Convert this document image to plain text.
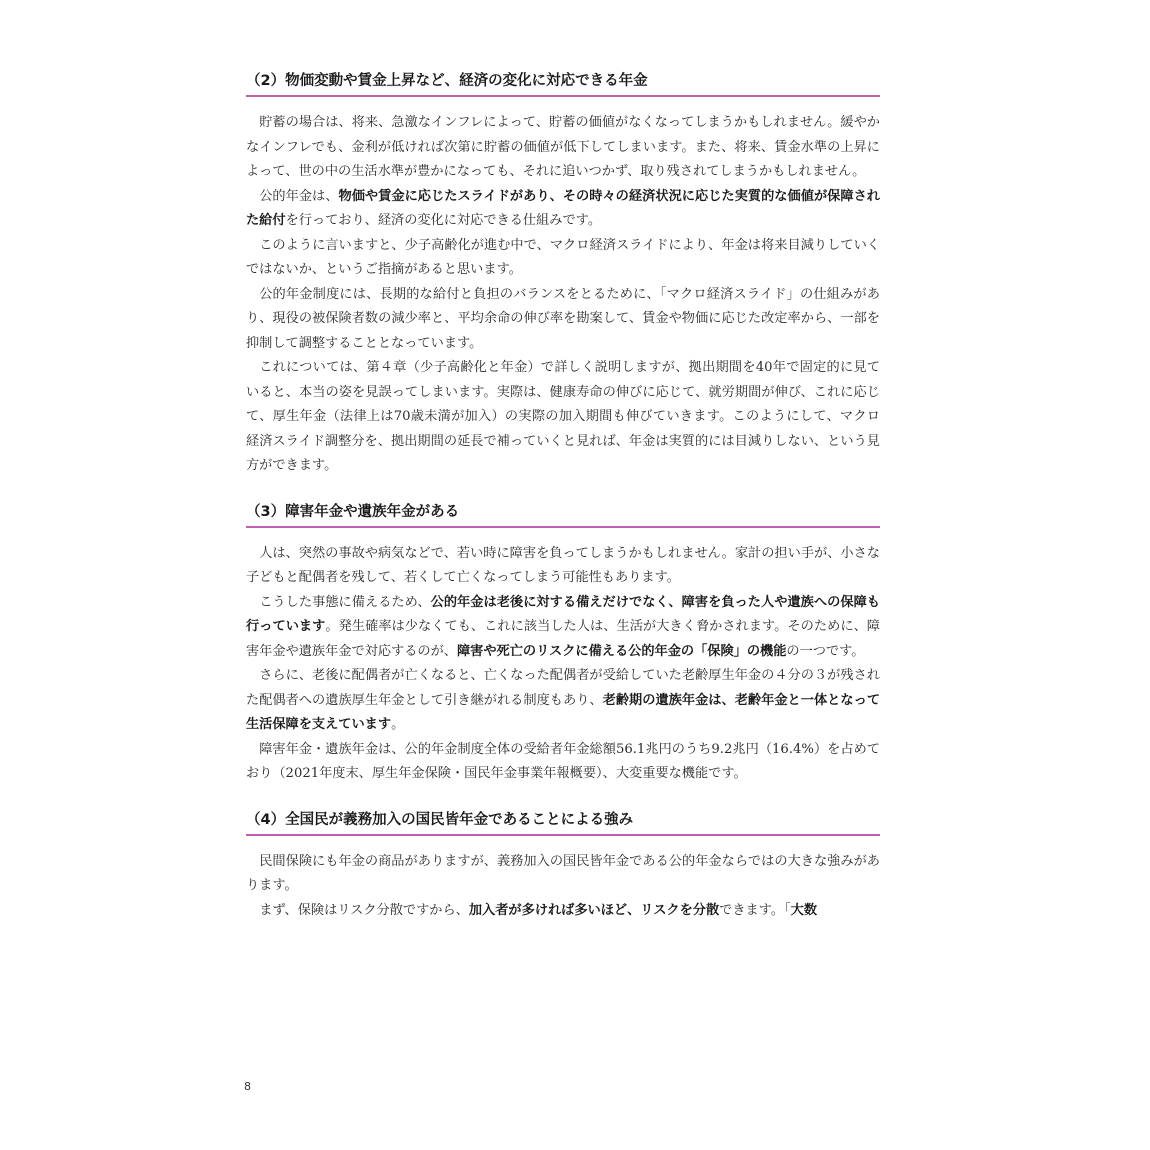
（2）物価変動や賃金上昇など、経済の変化に対応できる年金

貯蓄の場合は、将来、急激なインフレによって、貯蓄の価値がなくなってしまうかもしれません。緩やかなインフレでも、金利が低ければ次第に貯蓄の価値が低下してしまいます。また、将来、賃金水準の上昇によって、世の中の生活水準が豊かになっても、それに追いつかず、取り残されてしまうかもしれません。

公的年金は、物価や賃金に応じたスライドがあり、その時々の経済状況に応じた実質的な価値が保障された給付を行っており、経済の変化に対応できる仕組みです。

このように言いますと、少子高齢化が進む中で、マクロ経済スライドにより、年金は将来目減りしていくではないか、というご指摘があると思います。

公的年金制度には、長期的な給付と負担のバランスをとるために、「マクロ経済スライド」の仕組みがあり、現役の被保険者数の減少率と、平均余命の伸び率を勘案して、賃金や物価に応じた改定率から、一部を抑制して調整することとなっています。

これについては、第４章（少子高齢化と年金）で詳しく説明しますが、拠出期間を40年で固定的に見ていると、本当の姿を見誤ってしまいます。実際は、健康寿命の伸びに応じて、就労期間が伸び、これに応じて、厚生年金（法律上は70歳未満が加入）の実際の加入期間も伸びていきます。このようにして、マクロ経済スライド調整分を、拠出期間の延長で補っていくと見れば、年金は実質的には目減りしない、という見方ができます。

（3）障害年金や遺族年金がある

人は、突然の事故や病気などで、若い時に障害を負ってしまうかもしれません。家計の担い手が、小さな子どもと配偶者を残して、若くして亡くなってしまう可能性もあります。

こうした事態に備えるため、公的年金は老後に対する備えだけでなく、障害を負った人や遺族への保障も行っています。発生確率は少なくても、これに該当した人は、生活が大きく脅かされます。そのために、障害年金や遺族年金で対応するのが、障害や死亡のリスクに備える公的年金の「保険」の機能の一つです。

さらに、老後に配偶者が亡くなると、亡くなった配偶者が受給していた老齢厚生年金の４分の３が残された配偶者への遺族厚生年金として引き継がれる制度もあり、老齢期の遺族年金は、老齢年金と一体となって生活保障を支えています。

障害年金・遺族年金は、公的年金制度全体の受給者年金総額56.1兆円のうち9.2兆円（16.4%）を占めており（2021年度末、厚生年金保険・国民年金事業年報概要）、大変重要な機能です。

（4）全国民が義務加入の国民皆年金であることによる強み

民間保険にも年金の商品がありますが、義務加入の国民皆年金である公的年金ならではの大きな強みがあります。

まず、保険はリスク分散ですから、加入者が多ければ多いほど、リスクを分散できます。「大数

8
